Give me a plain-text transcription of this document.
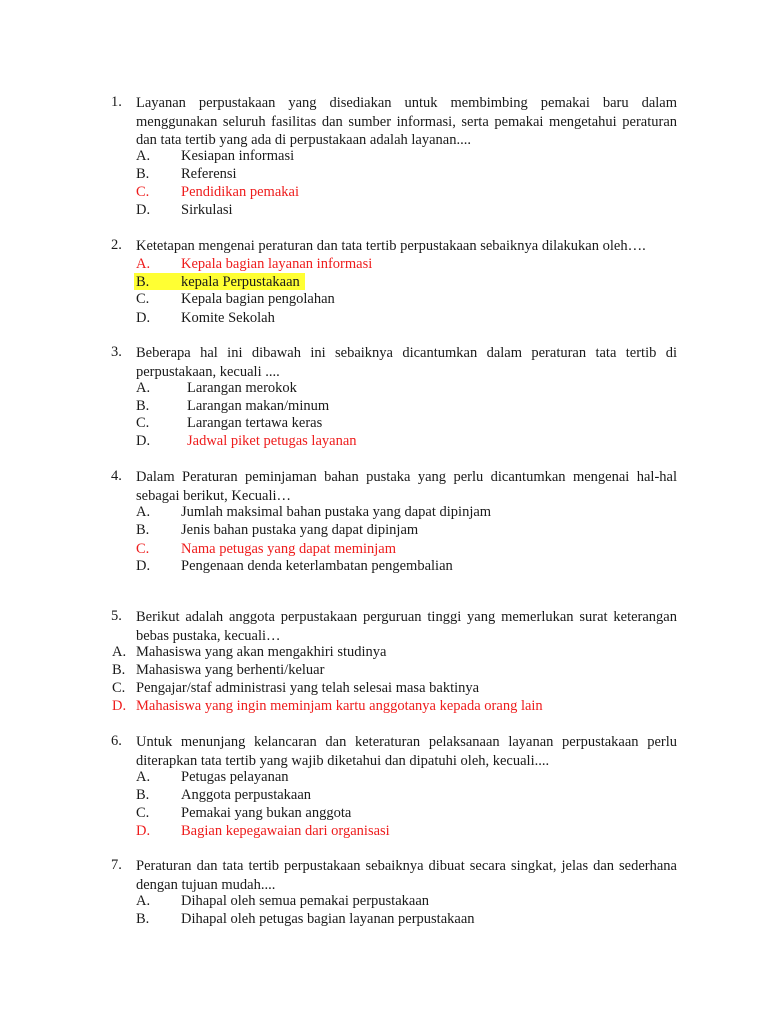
1. Layanan perpustakaan yang disediakan untuk membimbing pemakai baru dalam menggunakan seluruh fasilitas dan sumber informasi, serta pemakai mengetahui peraturan dan tata tertib yang ada di perpustakaan adalah layanan....
A. Kesiapan informasi
B. Referensi
C. Pendidikan pemakai
D. Sirkulasi
2. Ketetapan mengenai peraturan dan tata tertib perpustakaan sebaiknya dilakukan oleh….
A. Kepala bagian layanan informasi
B. kepala Perpustakaan
C. Kepala bagian pengolahan
D. Komite Sekolah
3. Beberapa hal ini dibawah ini sebaiknya dicantumkan dalam peraturan tata tertib di perpustakaan, kecuali ....
A.	Larangan merokok
B.	Larangan makan/minum
C.	Larangan tertawa keras
D.	Jadwal piket petugas layanan
4. Dalam Peraturan peminjaman bahan pustaka yang perlu dicantumkan mengenai hal-hal sebagai berikut, Kecuali…
A. Jumlah maksimal bahan pustaka yang dapat dipinjam
B. Jenis bahan pustaka yang dapat dipinjam
C. Nama petugas yang dapat meminjam
D. Pengenaan denda keterlambatan pengembalian
5. Berikut adalah anggota perpustakaan perguruan tinggi yang memerlukan surat keterangan bebas pustaka, kecuali…
A. Mahasiswa yang akan mengakhiri studinya
B. Mahasiswa yang berhenti/keluar
C. Pengajar/staf administrasi yang telah selesai masa baktinya
D. Mahasiswa yang ingin meminjam kartu anggotanya kepada orang lain
6. Untuk menunjang kelancaran dan keteraturan pelaksanaan layanan perpustakaan perlu diterapkan tata tertib yang wajib diketahui dan dipatuhi oleh, kecuali....
A. Petugas pelayanan
B. Anggota perpustakaan
C. Pemakai yang bukan anggota
D. Bagian kepegawaian dari organisasi
7. Peraturan dan tata tertib perpustakaan sebaiknya dibuat secara singkat, jelas dan sederhana dengan tujuan mudah....
A. Dihapal oleh semua pemakai perpustakaan
B. Dihapal oleh petugas bagian layanan perpustakaan
